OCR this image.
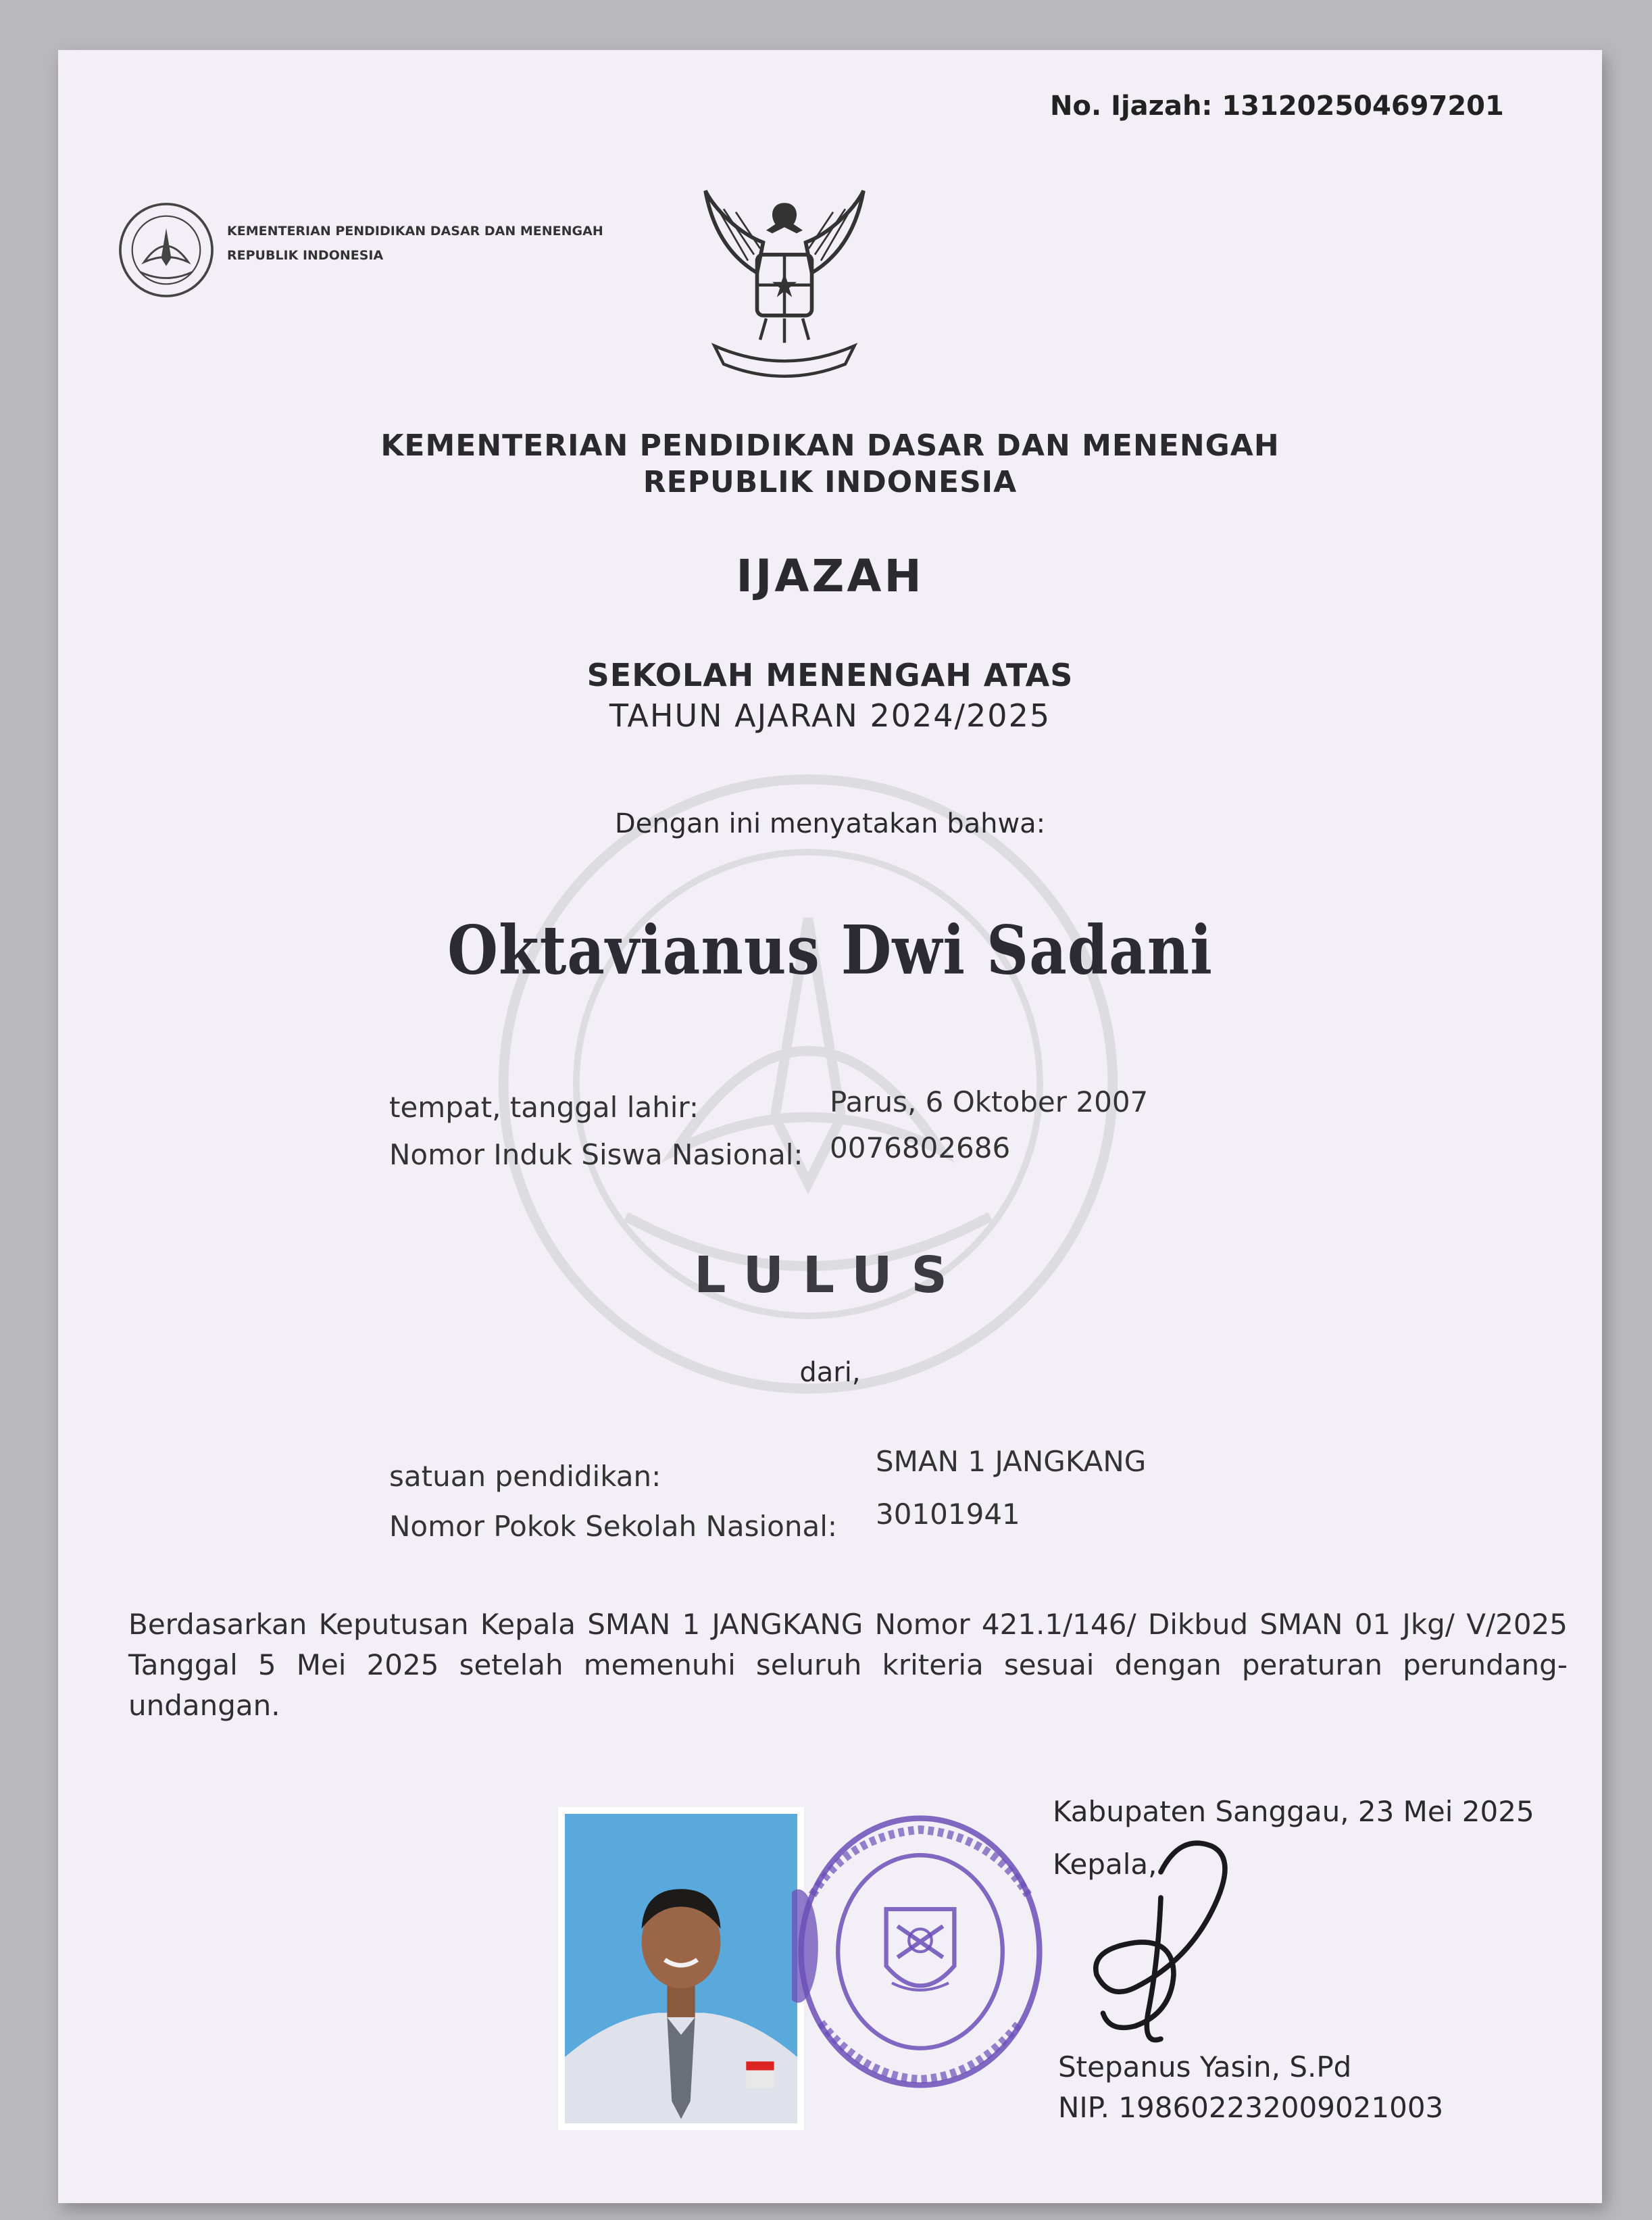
No. Ijazah: 131202504697201
KEMENTERIAN PENDIDIKAN DASAR DAN MENENGAH
REPUBLIK INDONESIA
KEMENTERIAN PENDIDIKAN DASAR DAN MENENGAH
REPUBLIK INDONESIA
IJAZAH
SEKOLAH MENENGAH ATAS
TAHUN AJARAN 2024/2025
Dengan ini menyatakan bahwa:
Oktavianus Dwi Sadani
tempat, tanggal lahir:	Parus, 6 Oktober 2007
Nomor Induk Siswa Nasional: 0076802686
LULUS
dari,
satuan pendidikan:	SMAN 1 JANGKANG
Nomor Pokok Sekolah Nasional: 30101941
Berdasarkan Keputusan Kepala SMAN 1 JANGKANG Nomor 421.1/146/ Dikbud SMAN 01 Jkg/ V/2025 Tanggal 5 Mei 2025 setelah memenuhi seluruh kriteria sesuai dengan peraturan perundang-undangan.
Kabupaten Sanggau, 23 Mei 2025
Kepala,
Stepanus Yasin, S.Pd
NIP. 198602232009021003
